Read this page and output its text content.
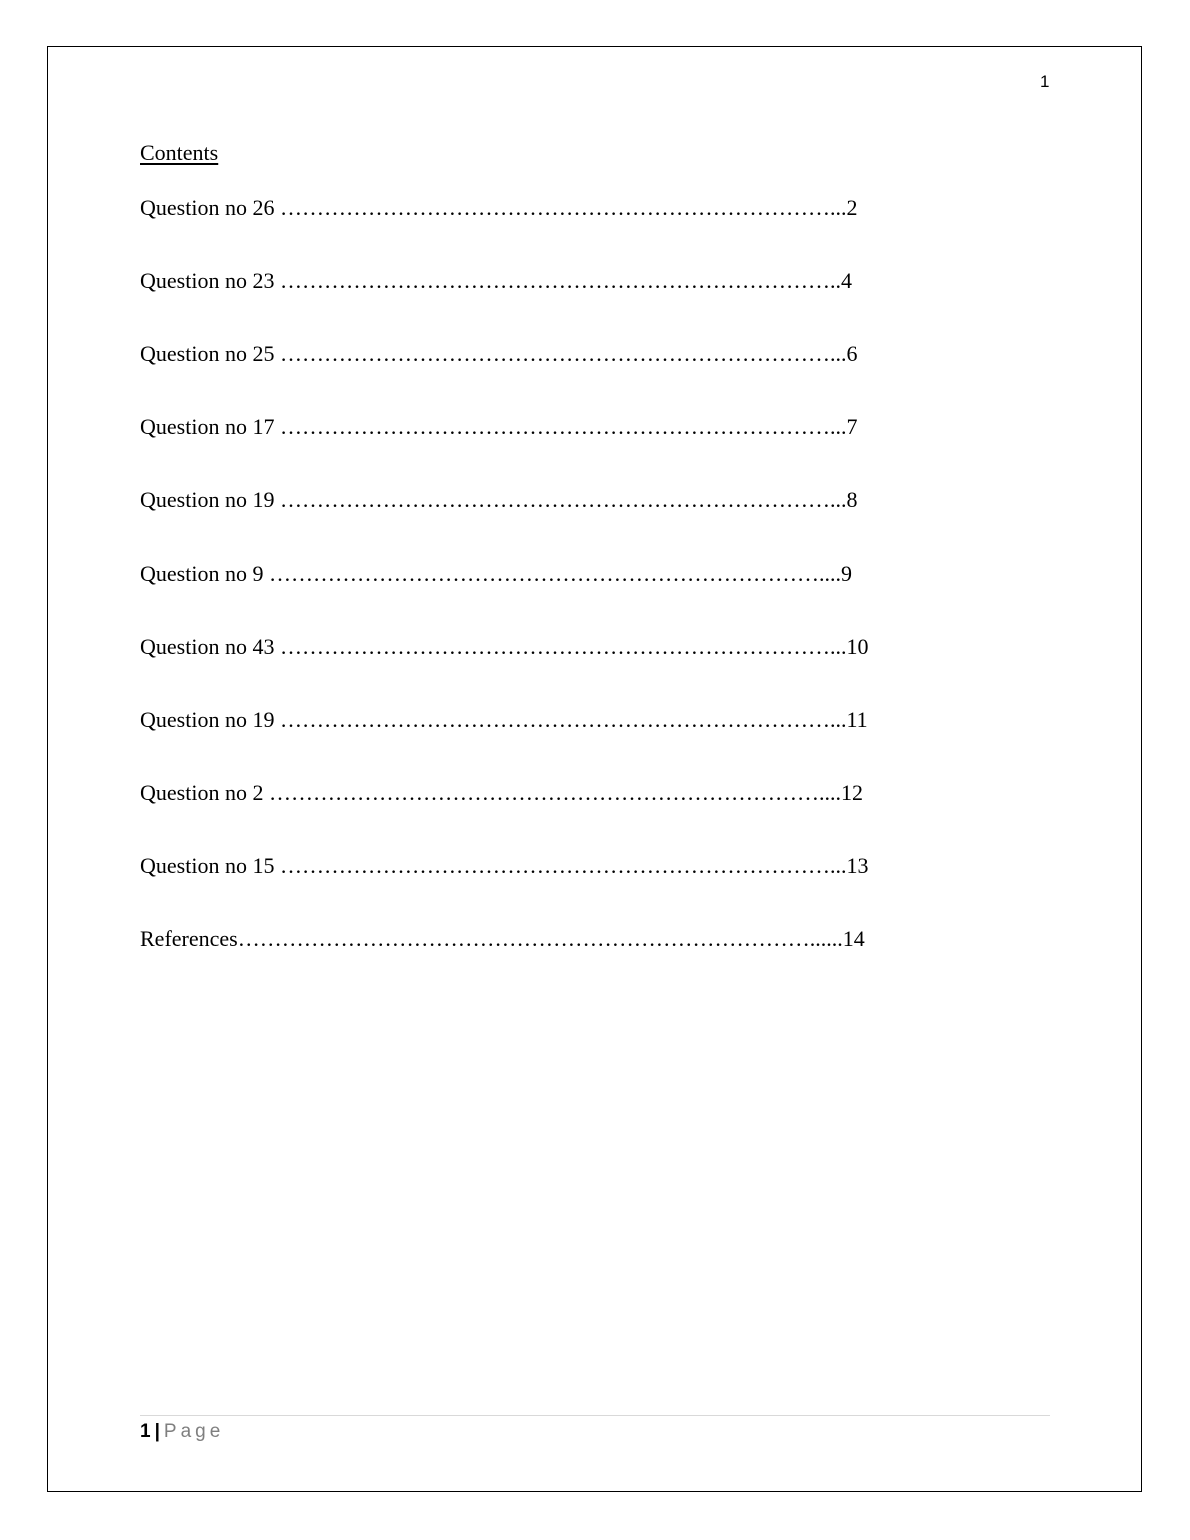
1
Contents
Question no 26 …………………………………………………………………...2
Question no 23 …………………………………………………………………..4
Question no 25 …………………………………………………………………...6
Question no 17 …………………………………………………………………...7
Question no 19 …………………………………………………………………...8
Question no 9 …………………………………………………………………....9
Question no 43 …………………………………………………………………...10
Question no 19 …………………………………………………………………...11
Question no 2 …………………………………………………………………....12
Question no 15 …………………………………………………………………...13
References……………………………………………………………………......14
1 | Page
